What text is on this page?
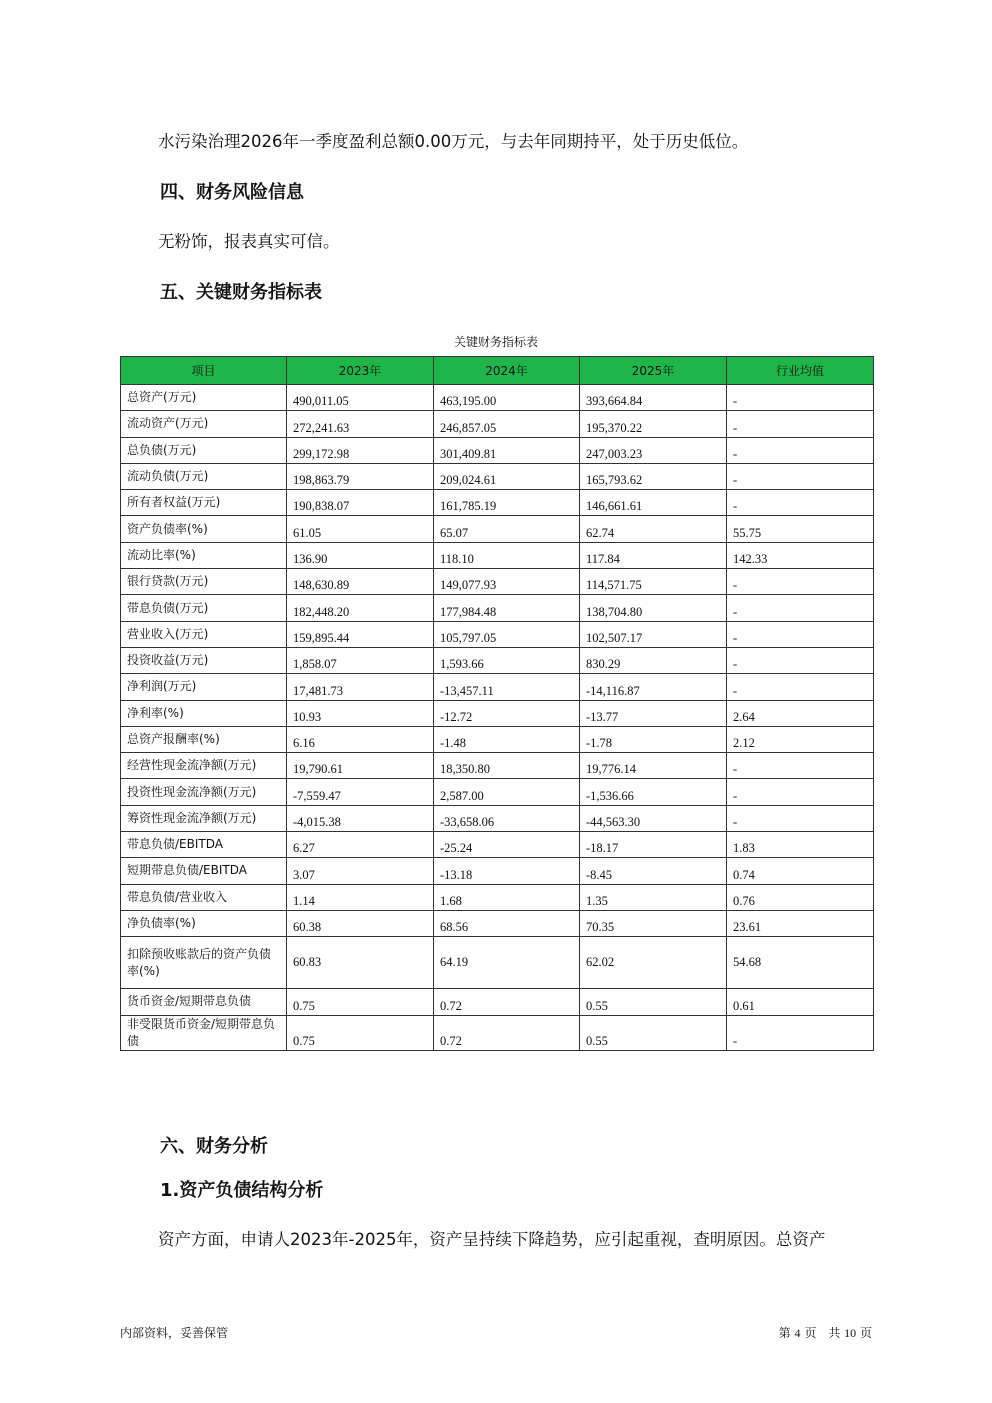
水污染治理2026年一季度盈利总额0.00万元，与去年同期持平，处于历史低位。

四、财务风险信息

无粉饰，报表真实可信。

五、关键财务指标表
关键财务指标表
项目	2023年	2024年	2025年	行业均值
总资产(万元)	490,011.05	463,195.00	393,664.84	-
流动资产(万元)	272,241.63	246,857.05	195,370.22	-
总负债(万元)	299,172.98	301,409.81	247,003.23	-
流动负债(万元)	198,863.79	209,024.61	165,793.62	-
所有者权益(万元)	190,838.07	161,785.19	146,661.61	-
资产负债率(%)	61.05	65.07	62.74	55.75
流动比率(%)	136.90	118.10	117.84	142.33
银行贷款(万元)	148,630.89	149,077.93	114,571.75	-
带息负债(万元)	182,448.20	177,984.48	138,704.80	-
营业收入(万元)	159,895.44	105,797.05	102,507.17	-
投资收益(万元)	1,858.07	1,593.66	830.29	-
净利润(万元)	17,481.73	-13,457.11	-14,116.87	-
净利率(%)	10.93	-12.72	-13.77	2.64
总资产报酬率(%)	6.16	-1.48	-1.78	2.12
经营性现金流净额(万元)	19,790.61	18,350.80	19,776.14	-
投资性现金流净额(万元)	-7,559.47	2,587.00	-1,536.66	-
筹资性现金流净额(万元)	-4,015.38	-33,658.06	-44,563.30	-
带息负债/EBITDA	6.27	-25.24	-18.17	1.83
短期带息负债/EBITDA	3.07	-13.18	-8.45	0.74
带息负债/营业收入	1.14	1.68	1.35	0.76
净负债率(%)	60.38	68.56	70.35	23.61
扣除预收账款后的资产负债率(%)	60.83	64.19	62.02	54.68
货币资金/短期带息负债	0.75	0.72	0.55	0.61
非受限货币资金/短期带息负债	0.75	0.72	0.55	-
六、财务分析
1.资产负债结构分析

资产方面，申请人2023年-2025年，资产呈持续下降趋势，应引起重视，查明原因。总资产

内部资料，妥善保管	第 4 页　共 10 页
